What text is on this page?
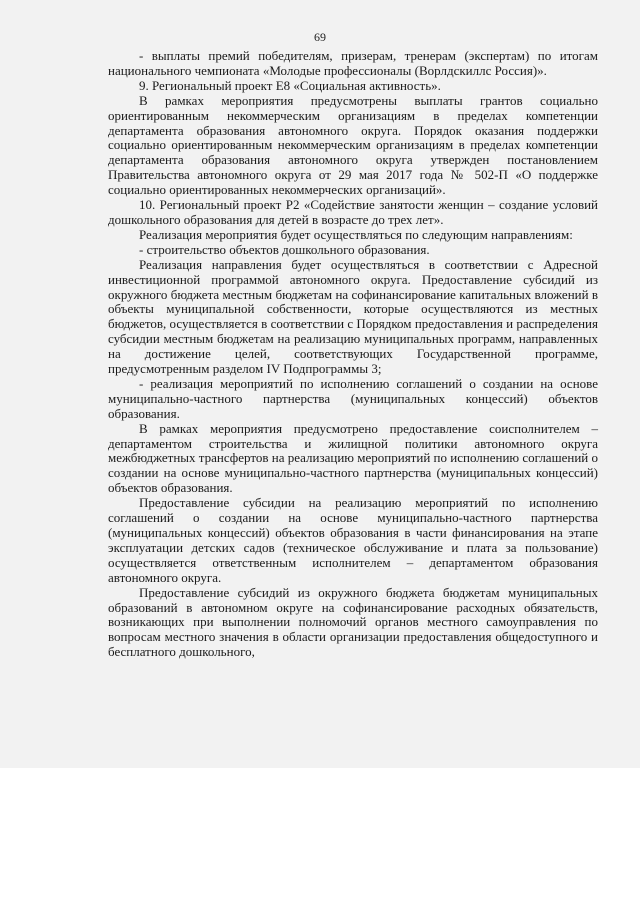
69

- выплаты премий победителям, призерам, тренерам (экспертам) по итогам национального чемпионата «Молодые профессионалы (Ворлдскиллс Россия)».

9. Региональный проект Е8 «Социальная активность».

В рамках мероприятия предусмотрены выплаты грантов социально ориентированным некоммерческим организациям в пределах компетенции департамента образования автономного округа. Порядок оказания поддержки социально ориентированным некоммерческим организациям в пределах компетенции департамента образования автономного округа утвержден постановлением Правительства автономного округа от 29 мая 2017 года № 502-П «О поддержке социально ориентированных некоммерческих организаций».

10. Региональный проект Р2 «Содействие занятости женщин – создание условий дошкольного образования для детей в возрасте до трех лет».

Реализация мероприятия будет осуществляться по следующим направлениям:

- строительство объектов дошкольного образования.

Реализация направления будет осуществляться в соответствии с Адресной инвестиционной программой автономного округа. Предоставление субсидий из окружного бюджета местным бюджетам на софинансирование капитальных вложений в объекты муниципальной собственности, которые осуществляются из местных бюджетов, осуществляется в соответствии с Порядком предоставления и распределения субсидии местным бюджетам на реализацию муниципальных программ, направленных на достижение целей, соответствующих Государственной программе, предусмотренным разделом IV Подпрограммы 3;

- реализация мероприятий по исполнению соглашений о создании на основе муниципально-частного партнерства (муниципальных концессий) объектов образования.

В рамках мероприятия предусмотрено предоставление соисполнителем – департаментом строительства и жилищной политики автономного округа межбюджетных трансфертов на реализацию мероприятий по исполнению соглашений о создании на основе муниципально-частного партнерства (муниципальных концессий) объектов образования.

Предоставление субсидии на реализацию мероприятий по исполнению соглашений о создании на основе муниципально-частного партнерства (муниципальных концессий) объектов образования в части финансирования на этапе эксплуатации детских садов (техническое обслуживание и плата за пользование) осуществляется ответственным исполнителем – департаментом образования автономного округа.

Предоставление субсидий из окружного бюджета бюджетам муниципальных образований в автономном округе на софинансирование расходных обязательств, возникающих при выполнении полномочий органов местного самоуправления по вопросам местного значения в области организации предоставления общедоступного и бесплатного дошкольного,
